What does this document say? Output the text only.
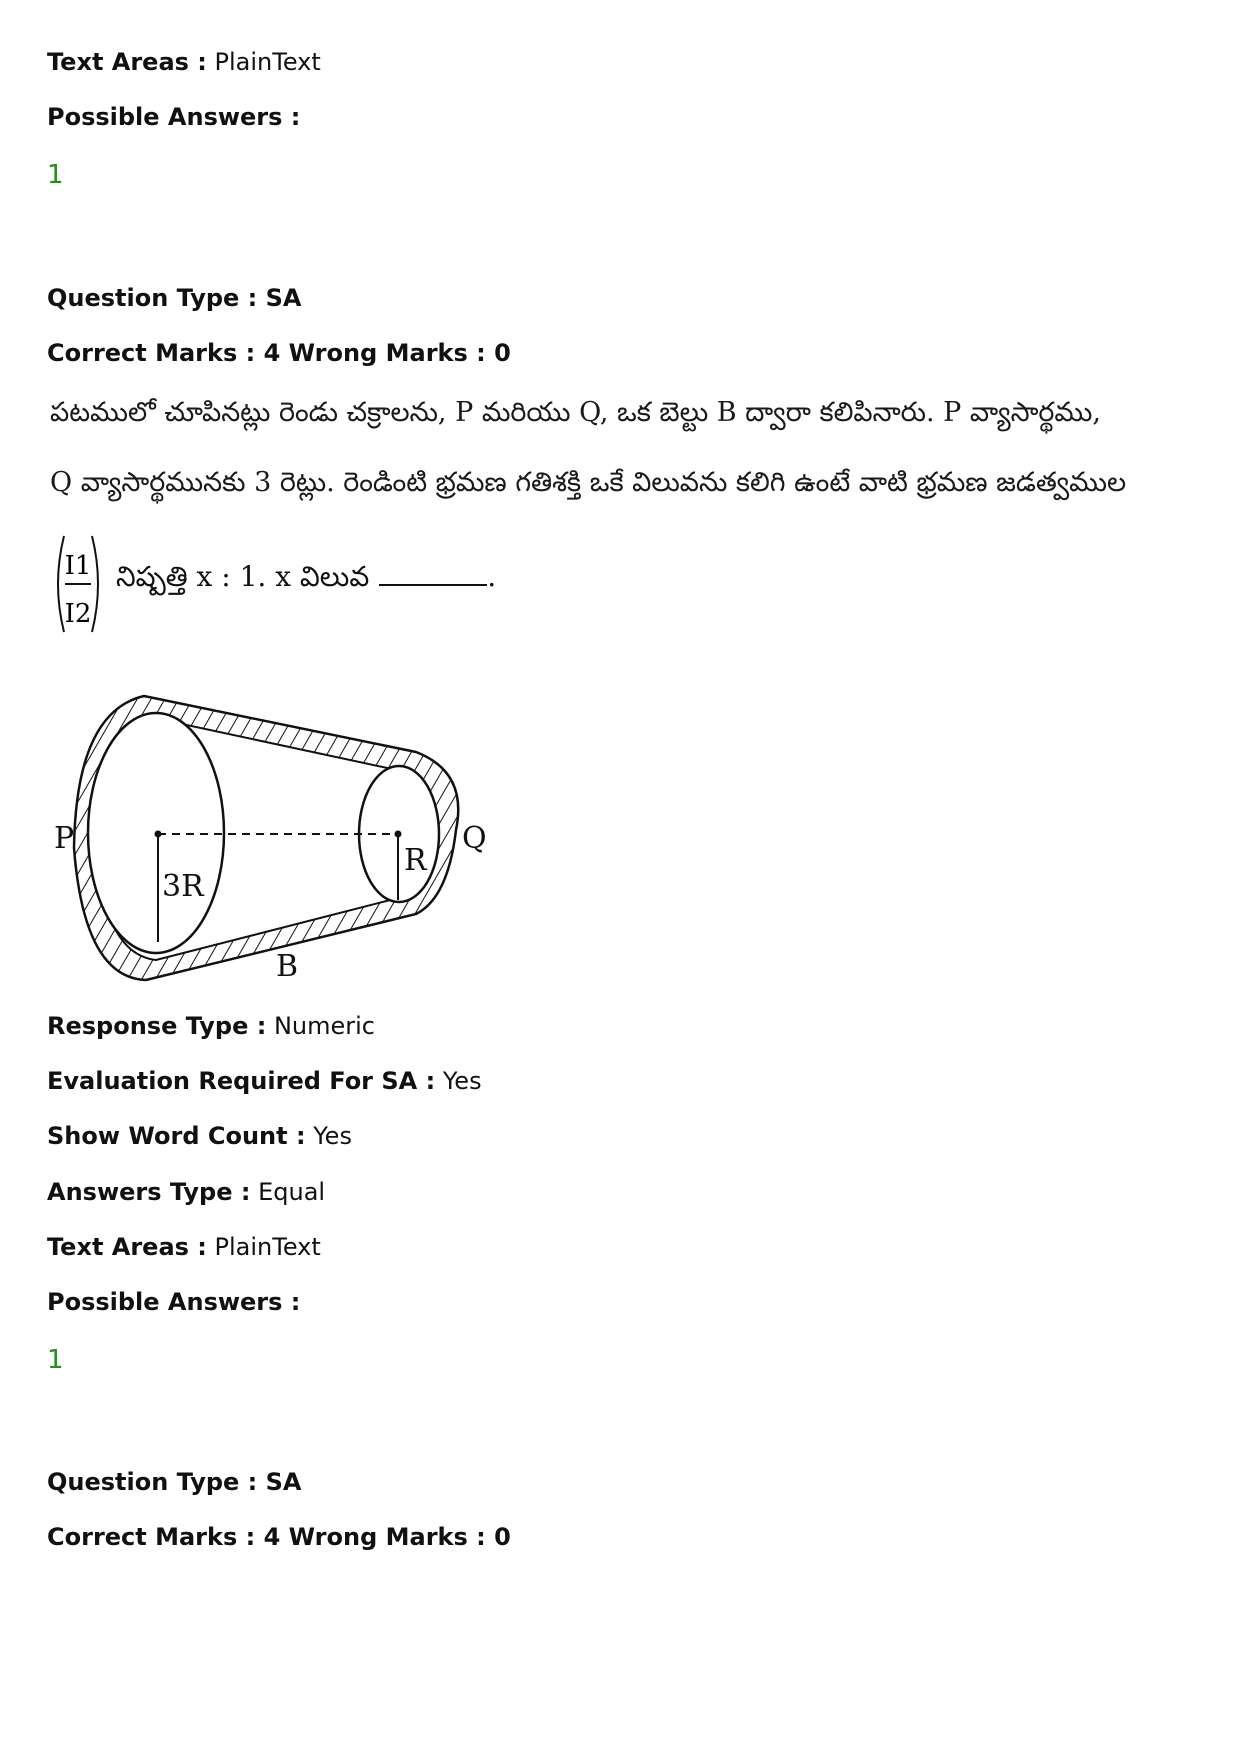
Text Areas : PlainText
Possible Answers :
1
Question Type : SA
Correct Marks : 4 Wrong Marks : 0
పటములో చూపినట్లు రెండు చక్రాలను, P మరియు Q, ఒక బెల్టు B ద్వారా కలిపినారు. P వ్యాసార్థము,
Q వ్యాసార్థమునకు 3 రెట్లు. రెండింటి భ్రమణ గతిశక్తి ఒకే విలువను కలిగి ఉంటే వాటి భ్రమణ జడత్వముల
I1
I2
నిష్పత్తి x : 1. x విలువ	.
P	Q
B
3R
R
Response Type : Numeric
Evaluation Required For SA : Yes
Show Word Count : Yes
Answers Type : Equal
Text Areas : PlainText
Possible Answers :
1
Question Type : SA
Correct Marks : 4 Wrong Marks : 0
